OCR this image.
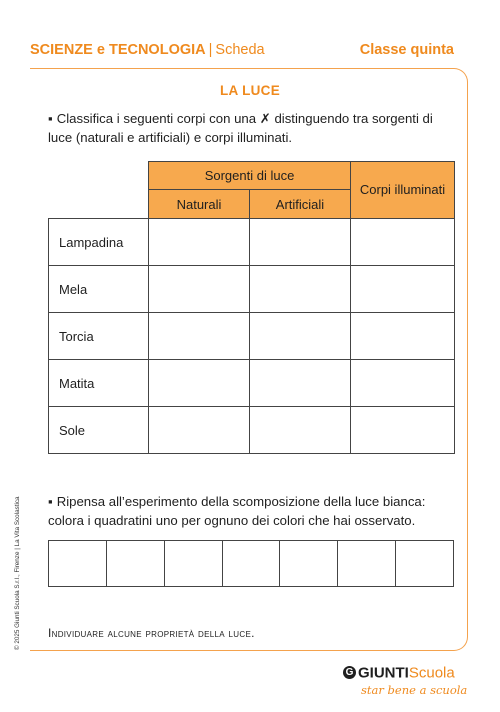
SCIENZE e TECNOLOGIA | Scheda	Classe quinta
LA LUCE
▪ Classifica i seguenti corpi con una ✗ distinguendo tra sorgenti di luce (naturali e artificiali) e corpi illuminati.
	Sorgenti di luce		Corpi illuminati
	Naturali	Artificiali	
Lampadina			
Mela			
Torcia			
Matita			
Sole			
▪ Ripensa all’esperimento della scomposizione della luce bianca: colora i quadratini uno per ognuno dei colori che hai osservato.
Individuare alcune proprietà della luce.
© 2025 Giunti Scuola S.r.l., Firenze | La Vita Scolastica
G GIUNTIScuola
star bene a scuola
